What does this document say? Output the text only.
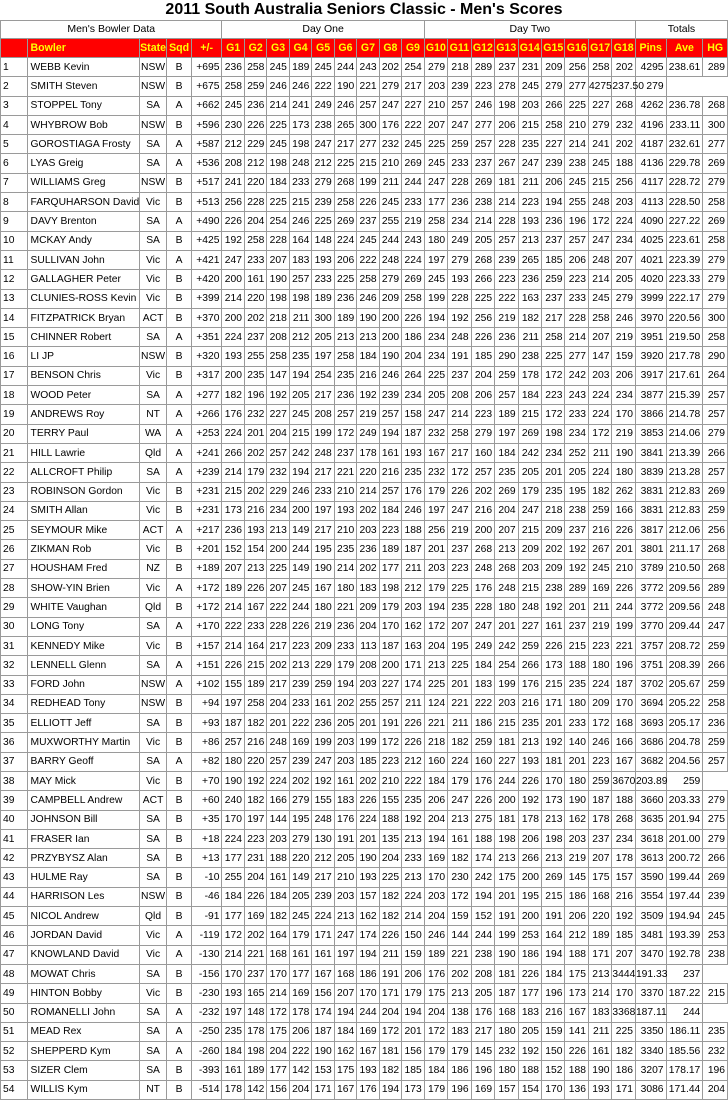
2011 South Australia Seniors Classic - Men's Scores
Men's Bowler Data					Day One									Day Two									Totals		
	Bowler	State	Sqd	+/-	G1	G2	G3	G4	G5	G6	G7	G8	G9	G10	G11	G12	G13	G14	G15	G16	G17	G18	Pins	Ave	HG
1	WEBB Kevin	NSW	B	+695	236	258	245	189	245	244	243	202	254	279	218	289	237	231	209	256	258	202	4295	238.61	289
2	SMITH Steven	NSW	B	+675	258	259	246	246	222	190	221	279	217	203	239	223	278	245	279	277	4275	237.50	279		
3	STOPPEL Tony	SA	A	+662	245	236	214	241	249	246	257	247	227	210	257	246	198	203	266	225	227	268	4262	236.78	268
4	WHYBROW Bob	NSW	B	+596	230	226	225	173	238	265	300	176	222	207	247	277	206	215	258	210	279	232	4196	233.11	300
5	GOROSTIAGA Frosty	SA	A	+587	212	229	245	198	247	217	277	232	245	225	259	257	228	235	227	214	241	202	4187	232.61	277
6	LYAS Greig	SA	A	+536	208	212	198	248	212	225	215	210	269	245	233	237	267	247	239	238	245	188	4136	229.78	269
7	WILLIAMS Greg	NSW	B	+517	241	220	184	233	279	268	199	211	244	247	228	269	181	211	206	245	215	256	4117	228.72	279
8	FARQUHARSON David	Vic	B	+513	256	228	225	215	239	258	226	245	233	177	236	238	214	223	194	255	248	203	4113	228.50	258
9	DAVY Brenton	SA	A	+490	226	204	254	246	225	269	237	255	219	258	234	214	228	193	236	196	172	224	4090	227.22	269
10	MCKAY Andy	SA	B	+425	192	258	228	164	148	224	245	244	243	180	249	205	257	213	237	257	247	234	4025	223.61	258
11	SULLIVAN John	Vic	A	+421	247	233	207	183	193	206	222	248	224	197	279	268	239	265	185	206	248	207	4021	223.39	279
12	GALLAGHER Peter	Vic	B	+420	200	161	190	257	233	225	258	279	269	245	193	266	223	236	259	223	214	205	4020	223.33	279
13	CLUNIES-ROSS Kevin	Vic	B	+399	214	220	198	198	189	236	246	209	258	199	228	225	222	163	237	233	245	279	3999	222.17	279
14	FITZPATRICK Bryan	ACT	B	+370	200	202	218	211	300	189	190	200	226	194	192	256	219	182	217	228	258	246	3970	220.56	300
15	CHINNER Robert	SA	A	+351	224	237	208	212	205	213	213	200	186	234	248	226	236	211	258	214	207	219	3951	219.50	258
16	LI JP	NSW	B	+320	193	255	258	235	197	258	184	190	204	234	191	185	290	238	225	277	147	159	3920	217.78	290
17	BENSON Chris	Vic	B	+317	200	235	147	194	254	235	216	246	264	225	237	204	259	178	172	242	203	206	3917	217.61	264
18	WOOD Peter	SA	A	+277	182	196	192	205	217	236	192	239	234	205	208	206	257	184	223	243	224	234	3877	215.39	257
19	ANDREWS Roy	NT	A	+266	176	232	227	245	208	257	219	257	158	247	214	223	189	215	172	233	224	170	3866	214.78	257
20	TERRY Paul	WA	A	+253	224	201	204	215	199	172	249	194	187	232	258	279	197	269	198	234	172	219	3853	214.06	279
21	HILL Lawrie	Qld	A	+241	266	202	257	242	248	237	178	161	193	167	217	160	184	242	234	252	211	190	3841	213.39	266
22	ALLCROFT Philip	SA	A	+239	214	179	232	194	217	221	220	216	235	232	172	257	235	205	201	205	224	180	3839	213.28	257
23	ROBINSON Gordon	Vic	B	+231	215	202	229	246	233	210	214	257	176	179	226	202	269	179	235	195	182	262	3831	212.83	269
24	SMITH Allan	Vic	B	+231	173	216	234	200	197	193	202	184	246	197	247	216	204	247	218	238	259	166	3831	212.83	259
25	SEYMOUR Mike	ACT	A	+217	236	193	213	149	217	210	203	223	188	256	219	200	207	215	209	237	216	226	3817	212.06	256
26	ZIKMAN Rob	Vic	B	+201	152	154	200	244	195	235	236	189	187	201	237	268	213	209	202	192	267	201	3801	211.17	268
27	HOUSHAM Fred	NZ	B	+189	207	213	225	149	190	214	202	177	211	203	223	248	268	203	209	192	245	210	3789	210.50	268
28	SHOW-YIN Brien	Vic	A	+172	189	226	207	245	167	180	183	198	212	179	225	176	248	215	238	289	169	226	3772	209.56	289
29	WHITE Vaughan	Qld	B	+172	214	167	222	244	180	221	209	179	203	194	235	228	180	248	192	201	211	244	3772	209.56	248
30	LONG Tony	SA	A	+170	222	233	228	226	219	236	204	170	162	172	207	247	201	227	161	237	219	199	3770	209.44	247
31	KENNEDY Mike	Vic	B	+157	214	164	217	223	209	233	113	187	163	204	195	249	242	259	226	215	223	221	3757	208.72	259
32	LENNELL Glenn	SA	A	+151	226	215	202	213	229	179	208	200	171	213	225	184	254	266	173	188	180	196	3751	208.39	266
33	FORD John	NSW	A	+102	155	189	217	239	259	194	203	227	174	225	201	183	199	176	215	235	224	187	3702	205.67	259
34	REDHEAD Tony	NSW	B	+94	197	258	204	233	161	202	255	257	211	124	221	222	203	216	171	180	209	170	3694	205.22	258
35	ELLIOTT Jeff	SA	B	+93	187	182	201	222	236	205	201	191	226	221	211	186	215	235	201	233	172	168	3693	205.17	236
36	MUXWORTHY Martin	Vic	B	+86	257	216	248	169	199	203	199	172	226	218	182	259	181	213	192	140	246	166	3686	204.78	259
37	BARRY Geoff	SA	A	+82	180	220	257	239	247	203	185	223	212	160	224	160	227	193	181	201	223	167	3682	204.56	257
38	MAY Mick	Vic	B	+70	190	192	224	202	192	161	202	210	222	184	179	176	244	226	170	180	259	3670	203.89	259	
39	CAMPBELL Andrew	ACT	B	+60	240	182	166	279	155	183	226	155	235	206	247	226	200	192	173	190	187	188	3660	203.33	279
40	JOHNSON Bill	SA	B	+35	170	197	144	195	248	176	224	188	192	204	213	275	181	178	213	162	178	268	3635	201.94	275
41	FRASER Ian	SA	B	+18	224	223	203	279	130	191	201	135	213	194	161	188	198	206	198	203	237	234	3618	201.00	279
42	PRZYBYSZ Alan	SA	B	+13	177	231	188	220	212	205	190	204	233	169	182	174	213	266	213	219	207	178	3613	200.72	266
43	HULME Ray	SA	B	-10	255	204	161	149	217	210	193	225	213	170	230	242	175	200	269	145	175	157	3590	199.44	269
44	HARRISON Les	NSW	B	-46	184	226	184	205	239	203	157	182	224	203	172	194	201	195	215	186	168	216	3554	197.44	239
45	NICOL Andrew	Qld	B	-91	177	169	182	245	224	213	162	182	214	204	159	152	191	200	191	206	220	192	3509	194.94	245
46	JORDAN David	Vic	A	-119	172	202	164	179	171	247	174	226	150	246	144	244	199	253	164	212	189	185	3481	193.39	253
47	KNOWLAND David	Vic	A	-130	214	221	168	161	161	197	194	211	159	189	221	238	190	186	194	188	171	207	3470	192.78	238
48	MOWAT Chris	SA	B	-156	170	237	170	177	167	168	186	191	206	176	202	208	181	226	184	175	213	3444	191.33	237	
49	HINTON Bobby	Vic	B	-230	193	165	214	169	156	207	170	171	179	175	213	205	187	177	196	173	214	170	3370	187.22	215
50	ROMANELLI John	SA	A	-232	197	148	172	178	174	194	244	204	194	204	138	176	168	183	216	167	183	3368	187.11	244	
51	MEAD Rex	SA	A	-250	235	178	175	206	187	184	169	172	201	172	183	217	180	205	159	141	211	225	3350	186.11	235
52	SHEPPERD Kym	SA	A	-260	184	198	204	222	190	162	167	181	156	179	179	145	232	192	150	226	161	182	3340	185.56	232
53	SIZER Clem	SA	B	-393	161	189	177	142	153	175	193	182	185	184	186	196	180	188	152	188	190	186	3207	178.17	196
54	WILLIS Kym	NT	B	-514	178	142	156	204	171	167	176	194	173	179	196	169	157	154	170	136	193	171	3086	171.44	204
